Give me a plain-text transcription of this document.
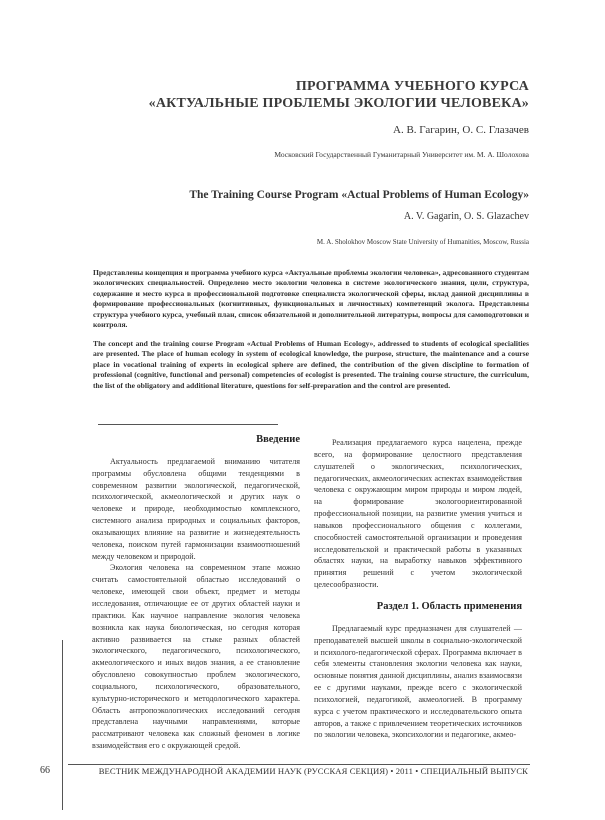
ПРОГРАММА УЧЕБНОГО КУРСА
«АКТУАЛЬНЫЕ ПРОБЛЕМЫ ЭКОЛОГИИ ЧЕЛОВЕКА»
А. В. Гагарин, О. С. Глазачев
Московский Государственный Гуманитарный Университет им. М. А. Шолохова
The Training Course Program «Actual Problems of Human Ecology»
A. V. Gagarin, O. S. Glazachev
M. A. Sholokhov Moscow State University of Humanities, Moscow, Russia
Представлены концепция и программа учебного курса «Актуальные проблемы экологии человека», адресованного студентам экологических специальностей. Определено место экологии человека в системе экологического знания, цели, структура, содержание и место курса в профессиональной подготовке специалиста экологической сферы, вклад данной дисциплины в формирование профессиональных (когнитивных, функциональных и личностных) компетенций эколога. Представлены структура учебного курса, учебный план, список обязательной и дополнительной литературы, вопросы для самоподготовки и контроля.
The concept and the training course Program «Actual Problems of Human Ecology», addressed to students of ecological specialities are presented. The place of human ecology in system of ecological knowledge, the purpose, structure, the maintenance and a course place in vocational training of experts in ecological sphere are defined, the contribution of the given discipline to formation of professional (cognitive, functional and personal) competencies of ecologist is presented. The training course structure, the curriculum, the list of the obligatory and additional literature, questions for self-preparation and the control are presented.
Введение

Актуальность предлагаемой вниманию читателя программы обусловлена общими тенденциями в современном развитии экологической, педагогической, психологической, акмеологической и других наук о человеке и природе, необходимостью комплексного, системного анализа природных и социальных факторов, оказывающих влияние на развитие и жизнедеятельность человека, поиском путей гармонизации взаимоотношений между человеком и природой.

Экология человека на современном этапе можно считать самостоятельной областью исследований о человеке, имеющей свои объект, предмет и методы исследования, отличающие ее от других областей науки и практики. Как научное направление экология человека возникла как наука биологическая, но сегодня которая активно развивается на стыке разных областей экологического, педагогического, психологического, акмеологического и иных видов знания, а ее становление обусловлено совокупностью проблем экологического, социального, психологического, образовательного, культурно-исторического и методологического характера. Область антропоэкологических исследований сегодня представлена научными направлениями, которые рассматривают человека как сложный феномен в логике взаимодействия его с окружающей средой.

Реализация предлагаемого курса нацелена, прежде всего, на формирование целостного представления слушателей о экологических, психологических, педагогических, акмеологических аспектах взаимодействия человека с окружающим миром природы и миром людей, на формирование экологоориентированной профессиональной позиции, на развитие умения учиться и навыков профессионального общения с коллегами, способностей самостоятельной организации и проведения исследовательской и практической работы в указанных областях науки, на выработку навыков эффективного принятия решений с учетом экологической целесообразности.

Раздел 1. Область применения

Предлагаемый курс предназначен для слушателей — преподавателей высшей школы в социально-экологической и психолого-педагогической сферах. Программа включает в себя элементы становления экологии человека как науки, основные понятия данной дисциплины, анализ взаимосвязи ее с другими науками, прежде всего с экологической психологией, педагогикой, акмеологией. В программу курса с учетом практического и исследовательского опыта авторов, а также с привлечением теоретических источников по экологии человека, экопсихологии и педагогике, акмео-

66	ВЕСТНИК МЕЖДУНАРОДНОЙ АКАДЕМИИ НАУК (РУССКАЯ СЕКЦИЯ) • 2011 • СПЕЦИАЛЬНЫЙ ВЫПУСК
